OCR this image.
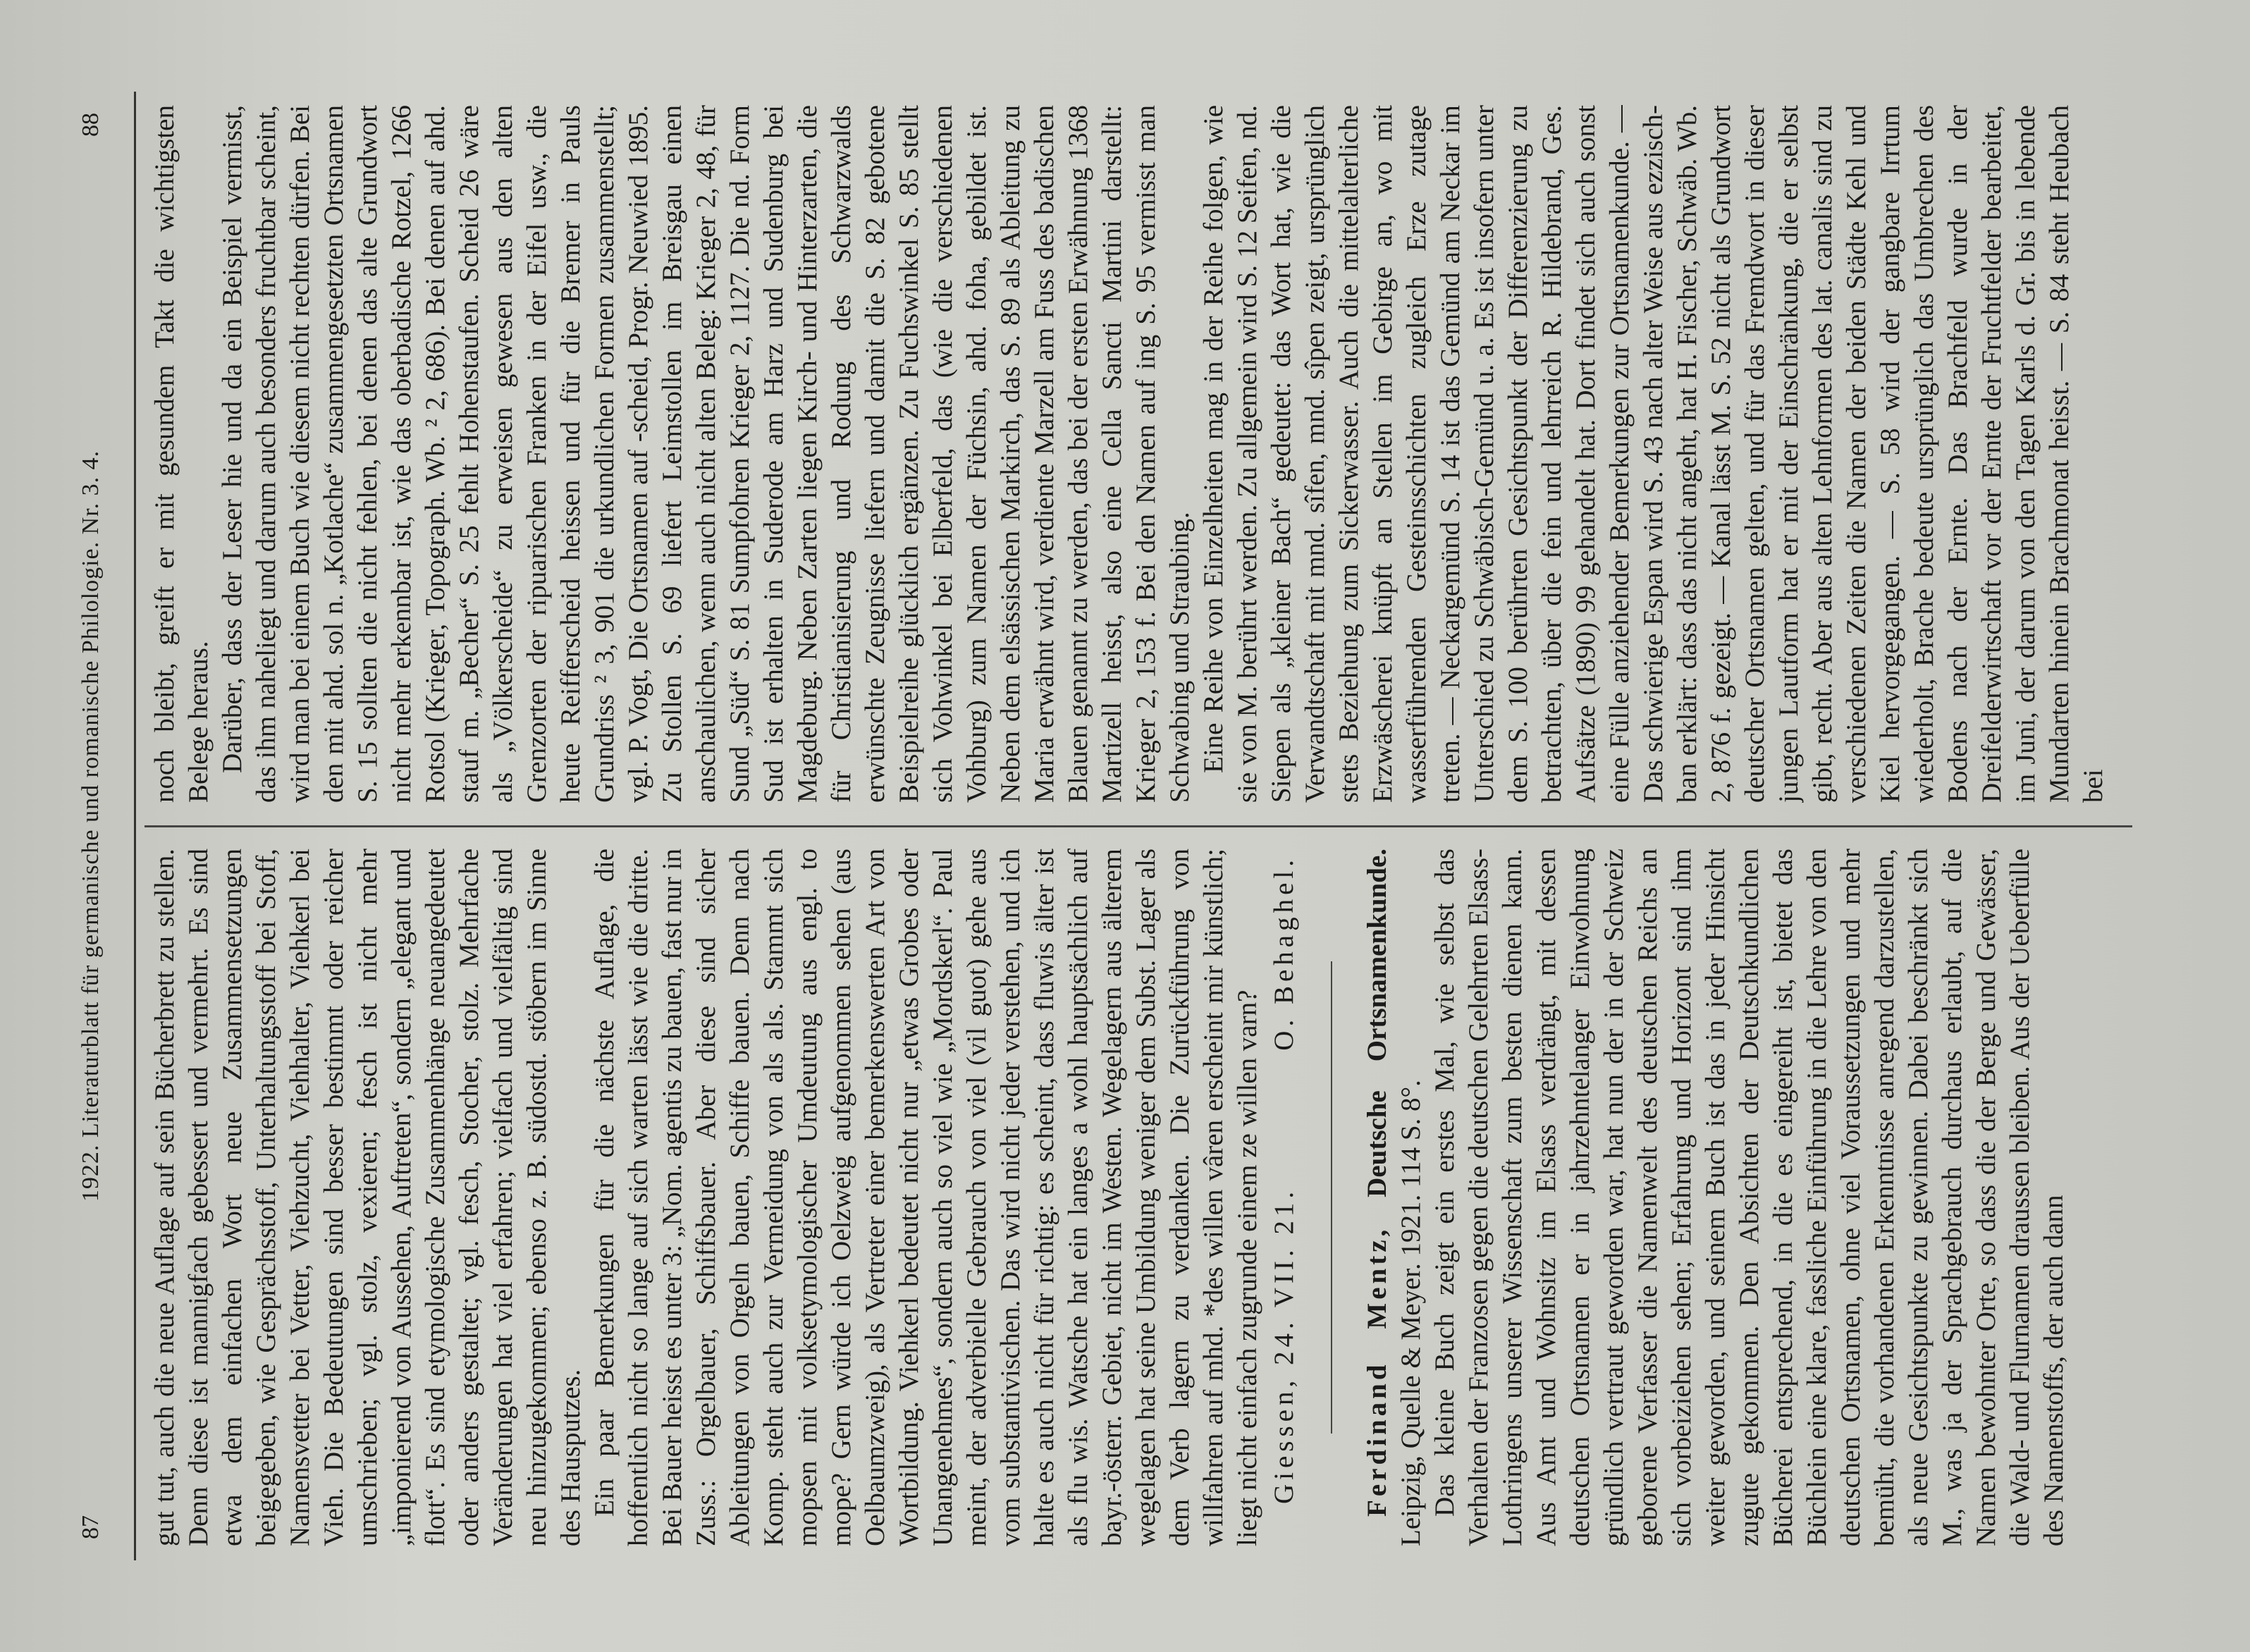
87
1922. Literaturblatt für germanische und romanische Philologie. Nr. 3. 4.
88

gut tut, auch die neue Auflage auf sein Bücherbrett zu stellen. Denn diese ist mannigfach gebessert und vermehrt. Es sind etwa dem einfachen Wort neue Zusammensetzungen beigegeben, wie Gesprächsstoff, Unterhaltungsstoff bei Stoff, Namensvetter bei Vetter, Viehzucht, Viehhalter, Viehkerl bei Vieh. Die Bedeutungen sind besser bestimmt oder reicher umschrieben; vgl. stolz, vexieren; fesch ist nicht mehr „imponierend von Aussehen, Auftreten“, sondern „elegant und flott“. Es sind etymologische Zusammenhänge neuangedeutet oder anders gestaltet; vgl. fesch, Stocher, stolz. Mehrfache Veränderungen hat viel erfahren; vielfach und vielfältig sind neu hinzugekommen; ebenso z. B. südostd. stöbern im Sinne des Hausputzes. Ein paar Bemerkungen für die nächste Auflage, die hoffentlich nicht so lange auf sich warten lässt wie die dritte. Bei Bauer heisst es unter 3: „Nom. agentis zu bauen, fast nur in Zuss.: Orgelbauer, Schiffsbauer. Aber diese sind sicher Ableitungen von Orgeln bauen, Schiffe bauen. Denn nach Komp. steht auch zur Vermeidung von als als. Stammt sich mopsen mit volksetymologischer Umdeutung aus engl. to mope? Gern würde ich Oelzweig aufgenommen sehen (aus Oelbaumzweig), als Vertreter einer bemerkenswerten Art von Wortbildung. Viehkerl bedeutet nicht nur „etwas Grobes oder Unangenehmes“, sondern auch so viel wie „Mordskerl“. Paul meint, der adverbielle Gebrauch von viel (vil guot) gehe aus vom substantivischen. Das wird nicht jeder verstehen, und ich halte es auch nicht für richtig: es scheint, dass fluwis älter ist als flu wis. Watsche hat ein langes a wohl hauptsächlich auf bayr.-österr. Gebiet, nicht im Westen. Wegelagern aus älterem wegelagen hat seine Umbildung weniger dem Subst. Lager als dem Verb lagern zu verdanken. Die Zurückführung von willfahren auf mhd. *des willen vâren erscheint mir künstlich; liegt nicht einfach zugrunde einem ze willen varn? Giessen, 24. VII. 21.
O. Behaghel.

Ferdinand Mentz, Deutsche Ortsnamenkunde. Leipzig, Quelle & Meyer. 1921. 114 S. 8°. Das kleine Buch zeigt ein erstes Mal, wie selbst das Verhalten der Franzosen gegen die deutschen Gelehrten Elsass-Lothringens unserer Wissenschaft zum besten dienen kann. Aus Amt und Wohnsitz im Elsass verdrängt, mit dessen deutschen Ortsnamen er in jahrzehntelanger Einwohnung gründlich vertraut geworden war, hat nun der in der Schweiz geborene Verfasser die Namenwelt des deutschen Reichs an sich vorbeiziehen sehen; Erfahrung und Horizont sind ihm weiter geworden, und seinem Buch ist das in jeder Hinsicht zugute gekommen. Den Absichten der Deutschkundlichen Bücherei entsprechend, in die es eingereiht ist, bietet das Büchlein eine klare, fassliche Einführung in die Lehre von den deutschen Ortsnamen, ohne viel Voraussetzungen und mehr bemüht, die vorhandenen Erkenntnisse anregend darzustellen, als neue Gesichtspunkte zu gewinnen. Dabei beschränkt sich M., was ja der Sprachgebrauch durchaus erlaubt, auf die Namen bewohnter Orte, so dass die der Berge und Gewässer, die Wald- und Flurnamen draussen bleiben. Aus der Ueberfülle des Namenstoffs, der auch dann

noch bleibt, greift er mit gesundem Takt die wichtigsten Belege heraus. Darüber, dass der Leser hie und da ein Beispiel vermisst, das ihm naheliegt und darum auch besonders fruchtbar scheint, wird man bei einem Buch wie diesem nicht rechten dürfen. Bei den mit ahd. sol n. „Kotlache“ zusammengesetzten Ortsnamen S. 15 sollten die nicht fehlen, bei denen das alte Grundwort nicht mehr erkennbar ist, wie das oberbadische Rotzel, 1266 Rotsol (Krieger, Topograph. Wb. ² 2, 686). Bei denen auf ahd. stauf m. „Becher“ S. 25 fehlt Hohenstaufen. Scheid 26 wäre als „Völkerscheide“ zu erweisen gewesen aus den alten Grenzorten der ripuarischen Franken in der Eifel usw., die heute Reifferscheid heissen und für die Bremer in Pauls Grundriss ² 3, 901 die urkundlichen Formen zusammenstellt; vgl. P. Vogt, Die Ortsnamen auf -scheid, Progr. Neuwied 1895. Zu Stollen S. 69 liefert Leimstollen im Breisgau einen anschaulichen, wenn auch nicht alten Beleg: Krieger 2, 48, für Sund „Süd“ S. 81 Sumpfohren Krieger 2, 1127. Die nd. Form Sud ist erhalten in Suderode am Harz und Sudenburg bei Magdeburg. Neben Zarten liegen Kirch- und Hinterzarten, die für Christianisierung und Rodung des Schwarzwalds erwünschte Zeugnisse liefern und damit die S. 82 gebotene Beispielreihe glücklich ergänzen. Zu Fuchswinkel S. 85 stellt sich Vohwinkel bei Elberfeld, das (wie die verschiedenen Vohburg) zum Namen der Füchsin, ahd. foha, gebildet ist. Neben dem elsässischen Markirch, das S. 89 als Ableitung zu Maria erwähnt wird, verdiente Marzell am Fuss des badischen Blauen genannt zu werden, das bei der ersten Erwähnung 1368 Martizell heisst, also eine Cella Sancti Martini darstellt: Krieger 2, 153 f. Bei den Namen auf ing S. 95 vermisst man Schwabing und Straubing. Eine Reihe von Einzelheiten mag in der Reihe folgen, wie sie von M. berührt werden. Zu allgemein wird S. 12 Seifen, nd. Siepen als „kleiner Bach“ gedeutet: das Wort hat, wie die Verwandtschaft mit mnd. sîfen, mnd. sîpen zeigt, ursprünglich stets Beziehung zum Sickerwasser. Auch die mittelalterliche Erzwäscherei knüpft an Stellen im Gebirge an, wo mit wasserführenden Gesteinsschichten zugleich Erze zutage treten. — Neckargemünd S. 14 ist das Gemünd am Neckar im Unterschied zu Schwäbisch-Gemünd u. a. Es ist insofern unter dem S. 100 berührten Gesichtspunkt der Differenzierung zu betrachten, über die fein und lehrreich R. Hildebrand, Ges. Aufsätze (1890) 99 gehandelt hat. Dort findet sich auch sonst eine Fülle anziehender Bemerkungen zur Ortsnamenkunde. — Das schwierige Espan wird S. 43 nach alter Weise aus ezzisch-ban erklärt: dass das nicht angeht, hat H. Fischer, Schwäb. Wb. 2, 876 f. gezeigt. — Kanal lässt M. S. 52 nicht als Grundwort deutscher Ortsnamen gelten, und für das Fremdwort in dieser jungen Lautform hat er mit der Einschränkung, die er selbst gibt, recht. Aber aus alten Lehnformen des lat. canalis sind zu verschiedenen Zeiten die Namen der beiden Städte Kehl und Kiel hervorgegangen. — S. 58 wird der gangbare Irrtum wiederholt, Brache bedeute ursprünglich das Umbrechen des Bodens nach der Ernte. Das Brachfeld wurde in der Dreifelderwirtschaft vor der Ernte der Fruchtfelder bearbeitet, im Juni, der darum von den Tagen Karls d. Gr. bis in lebende Mundarten hinein Brachmonat heisst. — S. 84 steht Heubach bei
